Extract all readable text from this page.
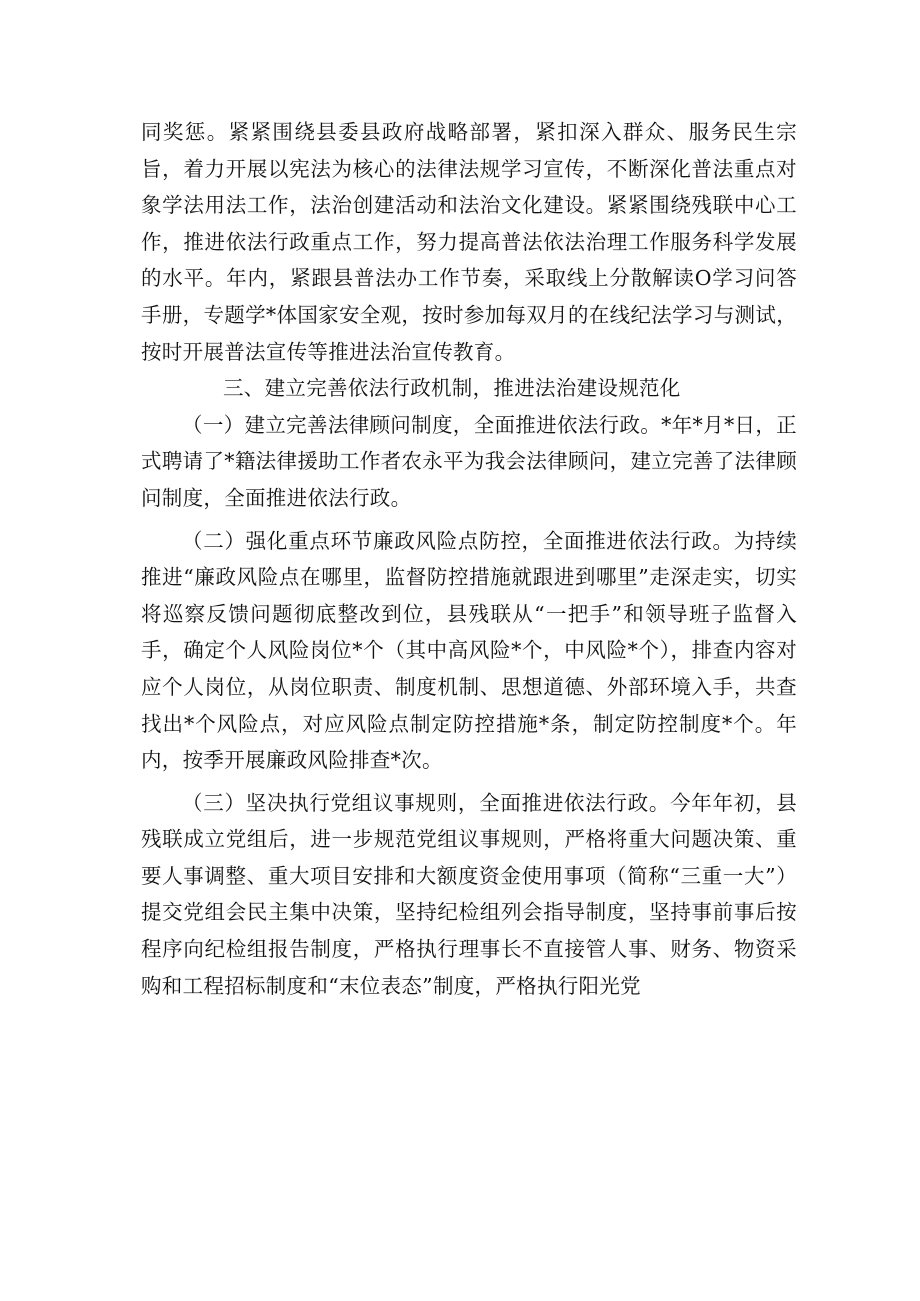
同奖惩。紧紧围绕县委县政府战略部署，紧扣深入群众、服务民生宗旨，着力开展以宪法为核心的法律法规学习宣传，不断深化普法重点对象学法用法工作，法治创建活动和法治文化建设。紧紧围绕残联中心工作，推进依法行政重点工作，努力提高普法依法治理工作服务科学发展的水平。年内，紧跟县普法办工作节奏，采取线上分散解读O学习问答手册，专题学*体国家安全观，按时参加每双月的在线纪法学习与测试，按时开展普法宣传等推进法治宣传教育。

三、建立完善依法行政机制，推进法治建设规范化

（一）建立完善法律顾问制度，全面推进依法行政。*年*月*日，正式聘请了*籍法律援助工作者农永平为我会法律顾问，建立完善了法律顾问制度，全面推进依法行政。

（二）强化重点环节廉政风险点防控，全面推进依法行政。为持续推进“廉政风险点在哪里，监督防控措施就跟进到哪里”走深走实，切实将巡察反馈问题彻底整改到位，县残联从“一把手”和领导班子监督入手，确定个人风险岗位*个（其中高风险*个，中风险*个），排查内容对应个人岗位，从岗位职责、制度机制、思想道德、外部环境入手，共查找出*个风险点，对应风险点制定防控措施*条，制定防控制度*个。年内，按季开展廉政风险排查*次。

（三）坚决执行党组议事规则，全面推进依法行政。今年年初，县残联成立党组后，进一步规范党组议事规则，严格将重大问题决策、重要人事调整、重大项目安排和大额度资金使用事项（简称“三重一大”）提交党组会民主集中决策，坚持纪检组列会指导制度，坚持事前事后按程序向纪检组报告制度，严格执行理事长不直接管人事、财务、物资采购和工程招标制度和“末位表态”制度，严格执行阳光党
